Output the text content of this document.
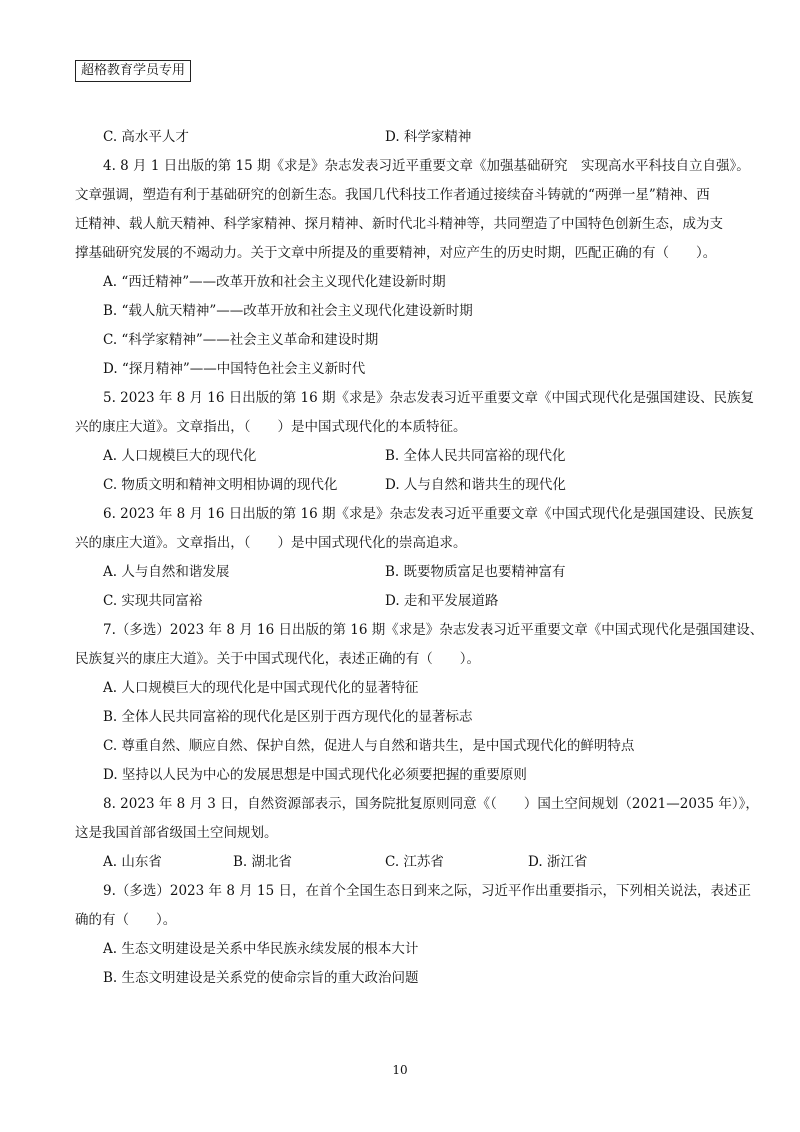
超格教育学员专用
C. 高水平人才	D. 科学家精神
4. 8 月 1 日出版的第 15 期《求是》杂志发表习近平重要文章《加强基础研究　实现高水平科技自立自强》。
文章强调，塑造有利于基础研究的创新生态。我国几代科技工作者通过接续奋斗铸就的“两弹一星”精神、西
迁精神、载人航天精神、科学家精神、探月精神、新时代北斗精神等，共同塑造了中国特色创新生态，成为支
撑基础研究发展的不竭动力。关于文章中所提及的重要精神，对应产生的历史时期，匹配正确的有（　　）。
A. “西迁精神”——改革开放和社会主义现代化建设新时期
B. “载人航天精神”——改革开放和社会主义现代化建设新时期
C. “科学家精神”——社会主义革命和建设时期
D. “探月精神”——中国特色社会主义新时代
5. 2023 年 8 月 16 日出版的第 16 期《求是》杂志发表习近平重要文章《中国式现代化是强国建设、民族复
兴的康庄大道》。文章指出，（　　）是中国式现代化的本质特征。
A. 人口规模巨大的现代化	B. 全体人民共同富裕的现代化
C. 物质文明和精神文明相协调的现代化	D. 人与自然和谐共生的现代化
6. 2023 年 8 月 16 日出版的第 16 期《求是》杂志发表习近平重要文章《中国式现代化是强国建设、民族复
兴的康庄大道》。文章指出，（　　）是中国式现代化的崇高追求。
A. 人与自然和谐发展	B. 既要物质富足也要精神富有
C. 实现共同富裕	D. 走和平发展道路
7.（多选）2023 年 8 月 16 日出版的第 16 期《求是》杂志发表习近平重要文章《中国式现代化是强国建设、
民族复兴的康庄大道》。关于中国式现代化，表述正确的有（　　）。
A. 人口规模巨大的现代化是中国式现代化的显著特征
B. 全体人民共同富裕的现代化是区别于西方现代化的显著标志
C. 尊重自然、顺应自然、保护自然，促进人与自然和谐共生，是中国式现代化的鲜明特点
D. 坚持以人民为中心的发展思想是中国式现代化必须要把握的重要原则
8. 2023 年 8 月 3 日，自然资源部表示，国务院批复原则同意《（　　）国土空间规划（2021—2035 年）》，
这是我国首部省级国土空间规划。
A. 山东省	B. 湖北省	C. 江苏省	D. 浙江省
9.（多选）2023 年 8 月 15 日，在首个全国生态日到来之际，习近平作出重要指示，下列相关说法，表述正
确的有（　　）。
A. 生态文明建设是关系中华民族永续发展的根本大计
B. 生态文明建设是关系党的使命宗旨的重大政治问题
10
